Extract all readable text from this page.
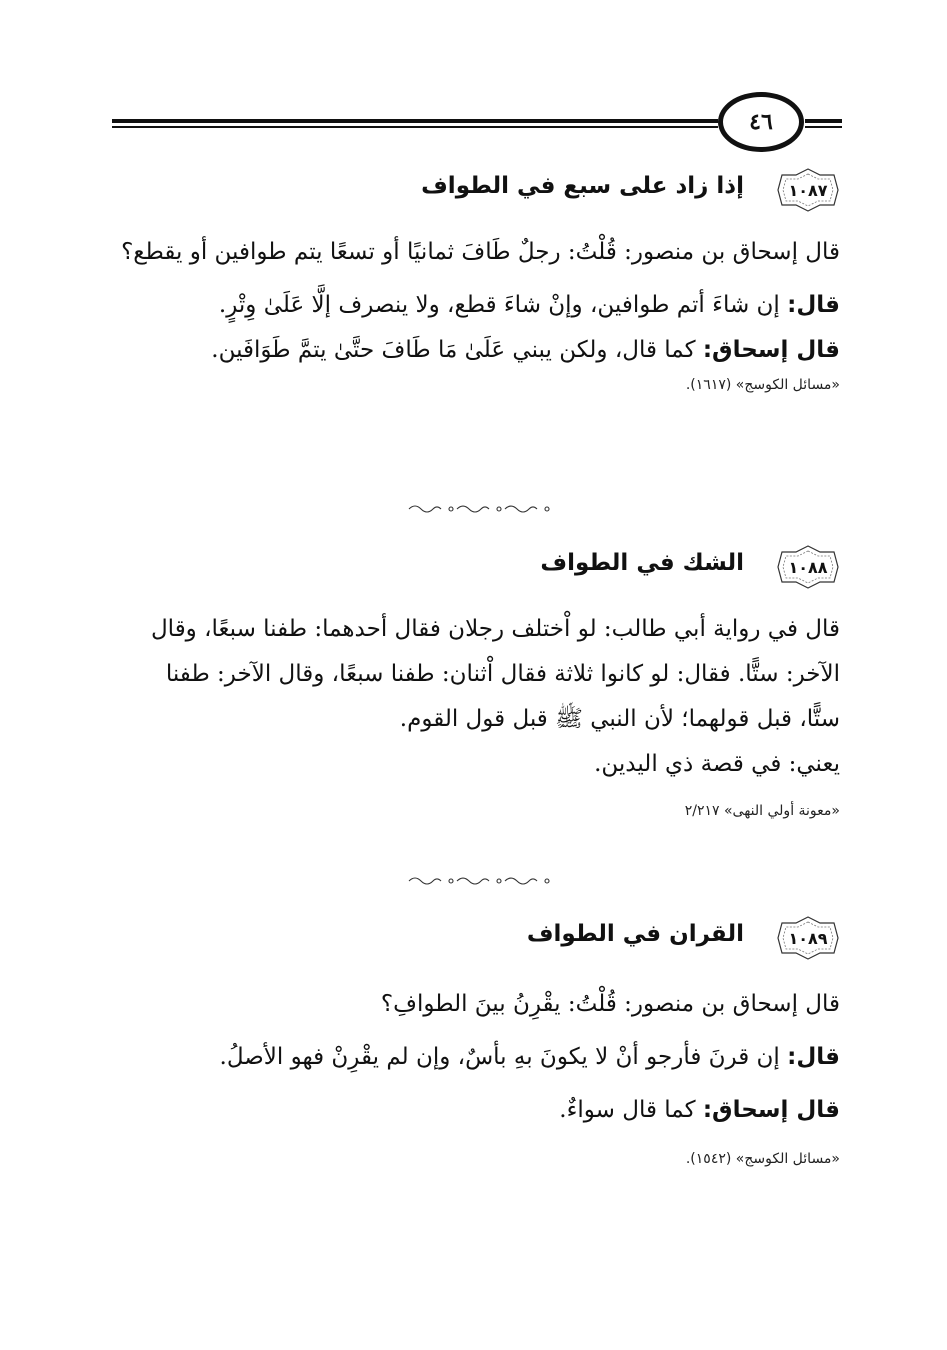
٤٦
١٠٨٧
إذا زاد على سبع في الطواف

قال إسحاق بن منصور: قُلْتُ: رجلٌ طَافَ ثمانيًا أو تسعًا يتم طوافين أو يقطع؟

قال: إن شاءَ أتم طوافين، وإنْ شاءَ قطع، ولا ينصرف إلَّا عَلَىٰ وِتْرٍ.

قال إسحاق: كما قال، ولكن يبني عَلَىٰ مَا طَافَ حتَّىٰ يتمَّ طَوَافَين.

«مسائل الكوسج» (١٦١٧).

١٠٨٨
الشك في الطواف

قال في رواية أبي طالب: لو اْختلف رجلان فقال أحدهما: طفنا سبعًا، وقال الآخر: ستًّا. فقال: لو كانوا ثلاثة فقال اْثنان: طفنا سبعًا، وقال الآخر: طفنا ستًّا، قبل قولهما؛ لأن النبي ﷺ قبل قول القوم.

يعني: في قصة ذي اليدين.

«معونة أولي النهى» ٢/٢١٧

١٠٨٩
القران في الطواف

قال إسحاق بن منصور: قُلْتُ: يقْرِنُ بينَ الطوافِ؟

قال: إن قرنَ فأرجو أنْ لا يكونَ بهِ بأسٌ، وإن لم يقْرِنْ فهو الأصلُ.

قال إسحاق: كما قال سواءٌ.

«مسائل الكوسج» (١٥٤٢).
